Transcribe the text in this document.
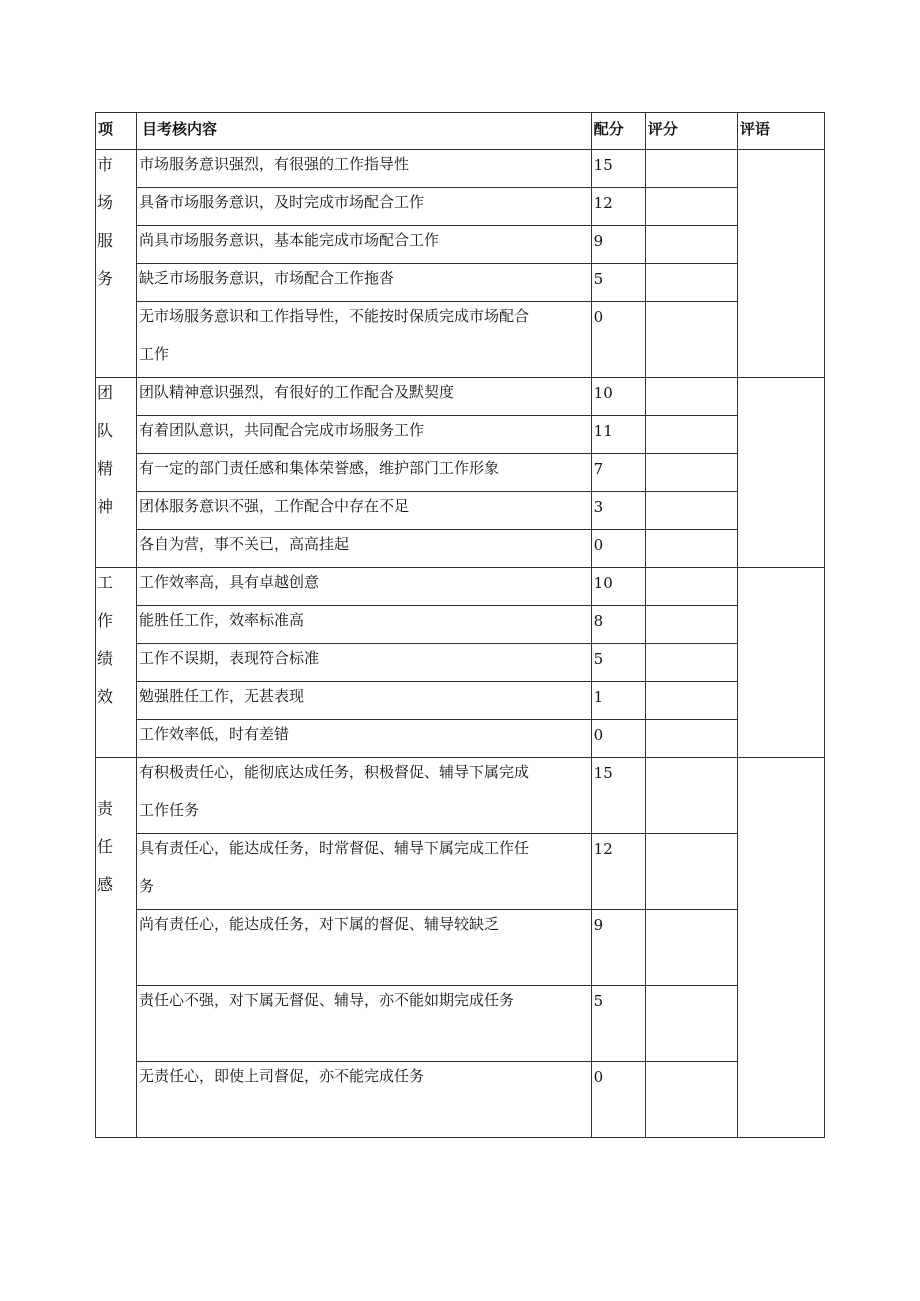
项	目考核内容	配分	评分	评语

市
场
服
务	市场服务意识强烈，有很强的工作指导性	15		

	具备市场服务意识，及时完成市场配合工作	12		

	尚具市场服务意识，基本能完成市场配合工作	9		

	缺乏市场服务意识，市场配合工作拖沓	5		

	无市场服务意识和工作指导性，不能按时保质完成市场配合工作	0		

团
队
精
神	团队精神意识强烈，有很好的工作配合及默契度	10		

	有着团队意识，共同配合完成市场服务工作	11		

	有一定的部门责任感和集体荣誉感，维护部门工作形象	7		

	团体服务意识不强，工作配合中存在不足	3		

	各自为营，事不关已，高高挂起	0		

工
作
绩
效	工作效率高，具有卓越创意	10		

	能胜任工作，效率标准高	8		

	工作不误期，表现符合标准	5		

	勉强胜任工作，无甚表现	1		

	工作效率低，时有差错	0		

责
任
感	有积极责任心，能彻底达成任务，积极督促、辅导下属完成工作任务	15		

	具有责任心，能达成任务，时常督促、辅导下属完成工作任务	12		

	尚有责任心，能达成任务，对下属的督促、辅导较缺乏	9		

	责任心不强，对下属无督促、辅导，亦不能如期完成任务	5		

	无责任心，即使上司督促，亦不能完成任务	0		
